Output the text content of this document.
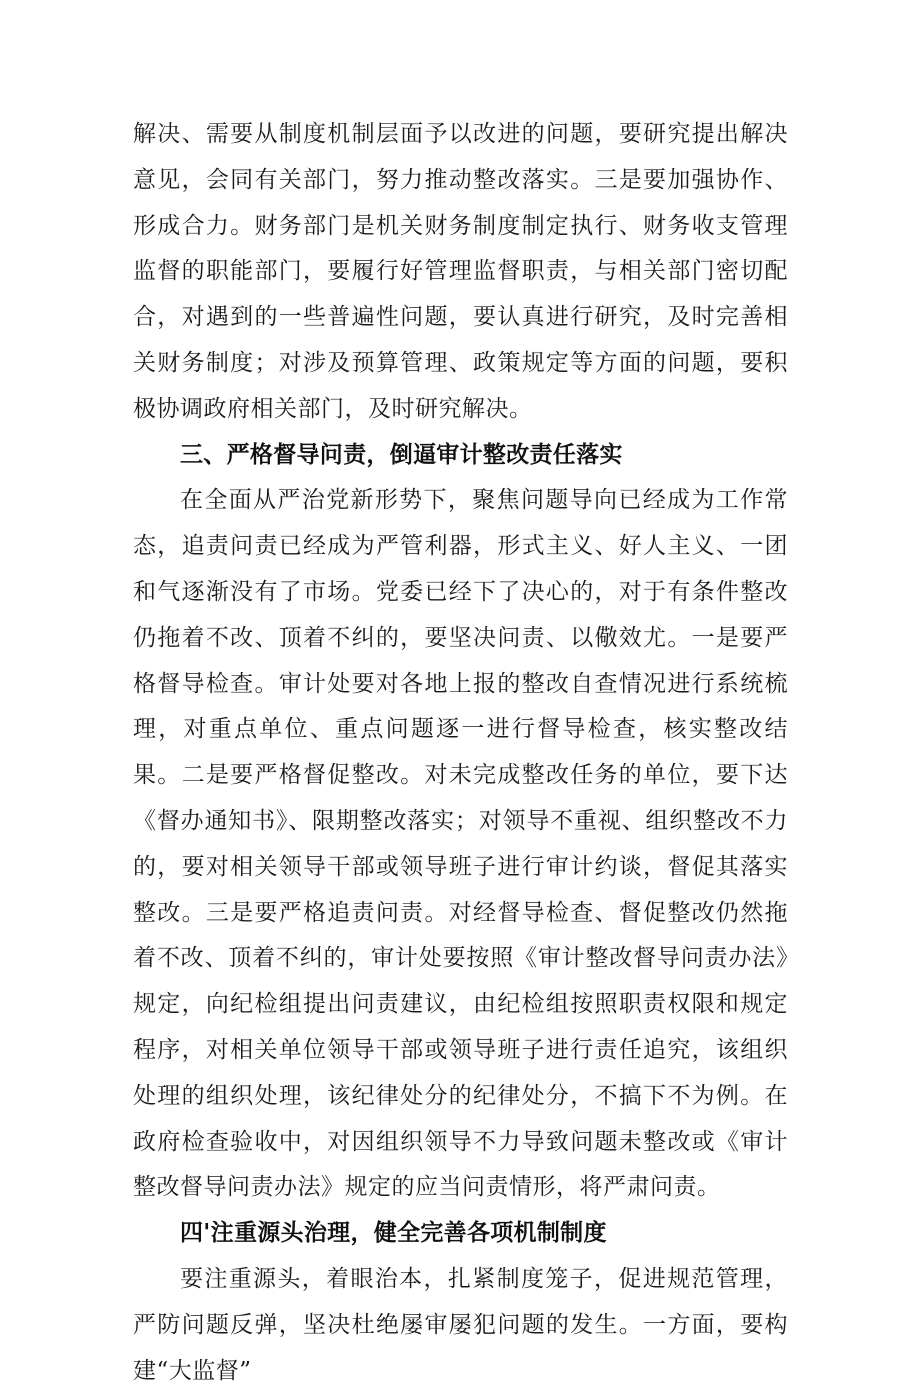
解决、需要从制度机制层面予以改进的问题，要研究提出解决意见，会同有关部门，努力推动整改落实。三是要加强协作、形成合力。财务部门是机关财务制度制定执行、财务收支管理监督的职能部门，要履行好管理监督职责，与相关部门密切配合，对遇到的一些普遍性问题，要认真进行研究，及时完善相关财务制度；对涉及预算管理、政策规定等方面的问题，要积极协调政府相关部门，及时研究解决。

三、严格督导问责，倒逼审计整改责任落实

在全面从严治党新形势下，聚焦问题导向已经成为工作常态，追责问责已经成为严管利器，形式主义、好人主义、一团和气逐渐没有了市场。党委已经下了决心的，对于有条件整改仍拖着不改、顶着不纠的，要坚决问责、以儆效尤。一是要严格督导检查。审计处要对各地上报的整改自查情况进行系统梳理，对重点单位、重点问题逐一进行督导检查，核实整改结果。二是要严格督促整改。对未完成整改任务的单位，要下达《督办通知书》、限期整改落实；对领导不重视、组织整改不力的，要对相关领导干部或领导班子进行审计约谈，督促其落实整改。三是要严格追责问责。对经督导检查、督促整改仍然拖着不改、顶着不纠的，审计处要按照《审计整改督导问责办法》规定，向纪检组提出问责建议，由纪检组按照职责权限和规定程序，对相关单位领导干部或领导班子进行责任追究，该组织处理的组织处理，该纪律处分的纪律处分，不搞下不为例。在政府检查验收中，对因组织领导不力导致问题未整改或《审计整改督导问责办法》规定的应当问责情形，将严肃问责。

四'注重源头治理，健全完善各项机制制度

要注重源头，着眼治本，扎紧制度笼子，促进规范管理，严防问题反弹，坚决杜绝屡审屡犯问题的发生。一方面，要构建“大监督”
